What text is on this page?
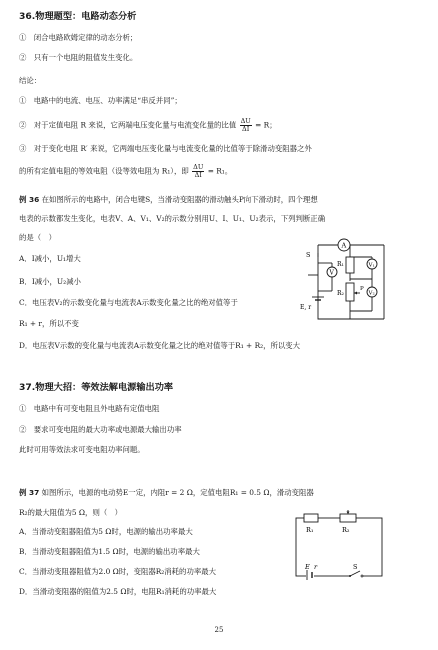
36.物理题型：电路动态分析
①　闭合电路欧姆定律的动态分析；
②　只有一个电阻的阻值发生变化。
结论：
①　电路中的电流、电压、功率满足“串反并同”；
②　对于定值电阻 R 来说，它两端电压变化量与电流变化量的比值 $\frac{\Delta U}{\Delta I} = R$；
③　对于变化电阻 R′ 来说，它两端电压变化量与电流变化量的比值等于除滑动变阻器之外
的所有定值电阻的等效电阻（设等效电阻为 R₁），即 $\frac{\Delta U}{\Delta I} = R_1$。
例 36 在如图所示的电路中，闭合电键S，当滑动变阻器的滑动触头P向下滑动时，四个理想
电表的示数都发生变化，电表V、A、V₁、V₂的示数分别用U、I、U₁、U₂表示，下列判断正确
的是（　）
A．I减小，U₁增大
B．I减小，U₂减小
C．电压表V₂的示数变化量与电流表A示数变化量之比的绝对值等于
R₁ + r，所以不变
D．电压表V示数的变化量与电流表A示数变化量之比的绝对值等于R₁ + R₂，所以变大
A
V
V₁
V₂
R₁
R₂
P
S
E, r
37.物理大招：等效法解电源输出功率
①　电路中有可变电阻且外电路有定值电阻
②　要求可变电阻的最大功率或电源最大输出功率
此时可用等效法求可变电阻功率问题。
例 37 如图所示，电源的电动势E一定，内阻r = 2 Ω，定值电阻R₁ = 0.5 Ω，滑动变阻器
R₂的最大阻值为5 Ω，则（　）
A．当滑动变阻器阻值为5 Ω时，电源的输出功率最大
B．当滑动变阻器阻值为1.5 Ω时，电源的输出功率最大
C．当滑动变阻器阻值为2.0 Ω时，变阻器R₂消耗的功率最大
D．当滑动变阻器的阻值为2.5 Ω时，电阻R₁消耗的功率最大
R₁	R₂
E r	S
25
